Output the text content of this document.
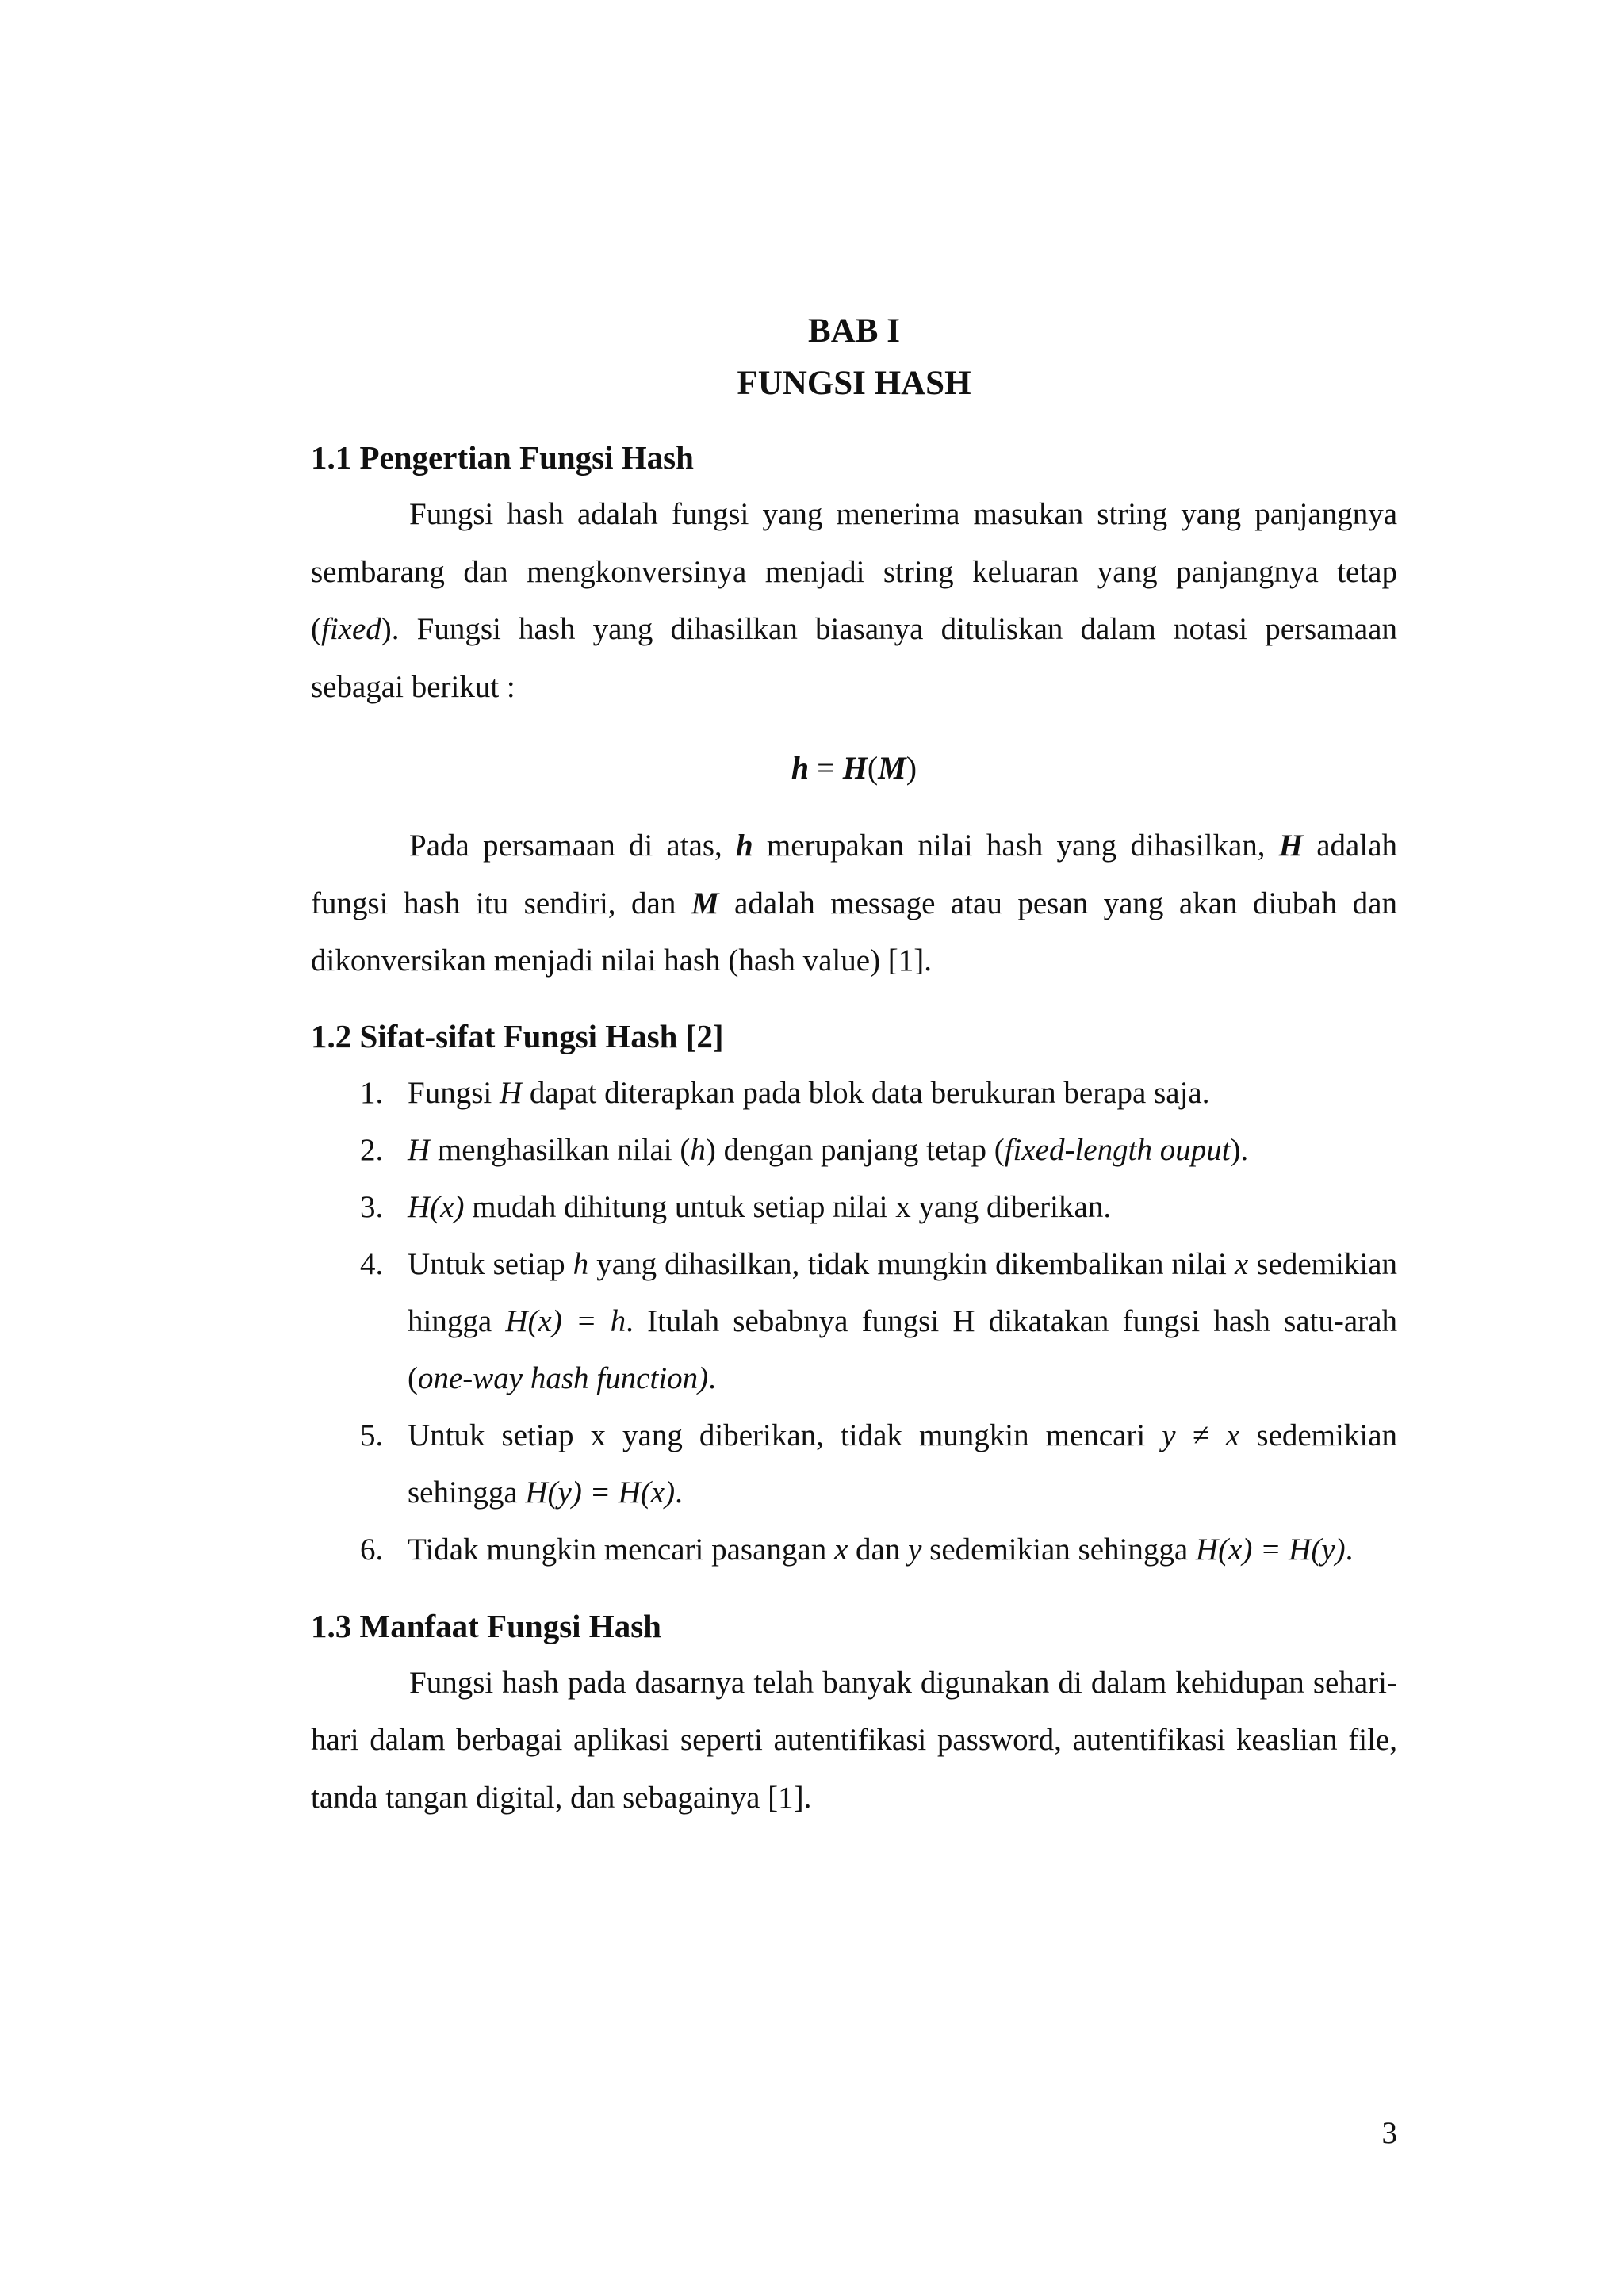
BAB I
FUNGSI HASH
1.1 Pengertian Fungsi Hash

Fungsi hash adalah fungsi yang menerima masukan string yang panjangnya sembarang dan mengkonversinya menjadi string keluaran yang panjangnya tetap (fixed). Fungsi hash yang dihasilkan biasanya dituliskan dalam notasi persamaan sebagai berikut :

h = H(M)

Pada persamaan di atas, h merupakan nilai hash yang dihasilkan, H adalah fungsi hash itu sendiri, dan M adalah message atau pesan yang akan diubah dan dikonversikan menjadi nilai hash (hash value) [1].

1.2 Sifat-sifat Fungsi Hash [2]
1. Fungsi H dapat diterapkan pada blok data berukuran berapa saja.
2. H menghasilkan nilai (h) dengan panjang tetap (fixed-length ouput).
3. H(x) mudah dihitung untuk setiap nilai x yang diberikan.
4. Untuk setiap h yang dihasilkan, tidak mungkin dikembalikan nilai x sedemikian hingga H(x) = h. Itulah sebabnya fungsi H dikatakan fungsi hash satu-arah (one-way hash function).
5. Untuk setiap x yang diberikan, tidak mungkin mencari y ≠ x sedemikian sehingga H(y) = H(x).
6. Tidak mungkin mencari pasangan x dan y sedemikian sehingga H(x) = H(y).
1.3 Manfaat Fungsi Hash

Fungsi hash pada dasarnya telah banyak digunakan di dalam kehidupan sehari-hari dalam berbagai aplikasi seperti autentifikasi password, autentifikasi keaslian file, tanda tangan digital, dan sebagainya [1].

3
